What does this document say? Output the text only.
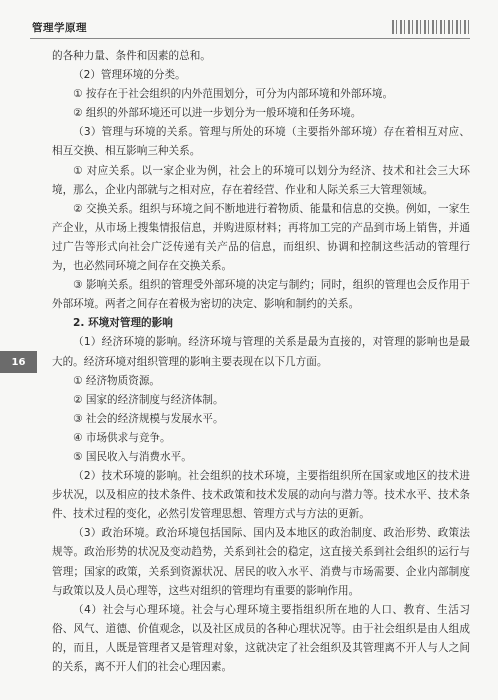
管理学原理
16

的各种力量、条件和因素的总和。

（2）管理环境的分类。

① 按存在于社会组织的内外范围划分，可分为内部环境和外部环境。

② 组织的外部环境还可以进一步划分为一般环境和任务环境。

（3）管理与环境的关系。管理与所处的环境（主要指外部环境）存在着相互对应、相互交换、相互影响三种关系。

① 对应关系。以一家企业为例，社会上的环境可以划分为经济、技术和社会三大环境，那么，企业内部就与之相对应，存在着经营、作业和人际关系三大管理领域。

② 交换关系。组织与环境之间不断地进行着物质、能量和信息的交换。例如，一家生产企业，从市场上搜集情报信息，并购进原材料；再将加工完的产品到市场上销售，并通过广告等形式向社会广泛传递有关产品的信息，而组织、协调和控制这些活动的管理行为，也必然同环境之间存在交换关系。

③ 影响关系。组织的管理受外部环境的决定与制约；同时，组织的管理也会反作用于外部环境。两者之间存在着极为密切的决定、影响和制约的关系。

2. 环境对管理的影响

（1）经济环境的影响。经济环境与管理的关系是最为直接的，对管理的影响也是最大的。经济环境对组织管理的影响主要表现在以下几方面。

① 经济物质资源。

② 国家的经济制度与经济体制。

③ 社会的经济规模与发展水平。

④ 市场供求与竞争。

⑤ 国民收入与消费水平。

（2）技术环境的影响。社会组织的技术环境，主要指组织所在国家或地区的技术进步状况，以及相应的技术条件、技术政策和技术发展的动向与潜力等。技术水平、技术条件、技术过程的变化，必然引发管理思想、管理方式与方法的更新。

（3）政治环境。政治环境包括国际、国内及本地区的政治制度、政治形势、政策法规等。政治形势的状况及变动趋势，关系到社会的稳定，这直接关系到社会组织的运行与管理；国家的政策，关系到资源状况、居民的收入水平、消费与市场需要、企业内部制度与政策以及人员心理等，这些对组织的管理均有重要的影响作用。

（4）社会与心理环境。社会与心理环境主要指组织所在地的人口、教育、生活习俗、风气、道德、价值观念，以及社区成员的各种心理状况等。由于社会组织是由人组成的，而且，人既是管理者又是管理对象，这就决定了社会组织及其管理离不开人与人之间的关系，离不开人们的社会心理因素。
